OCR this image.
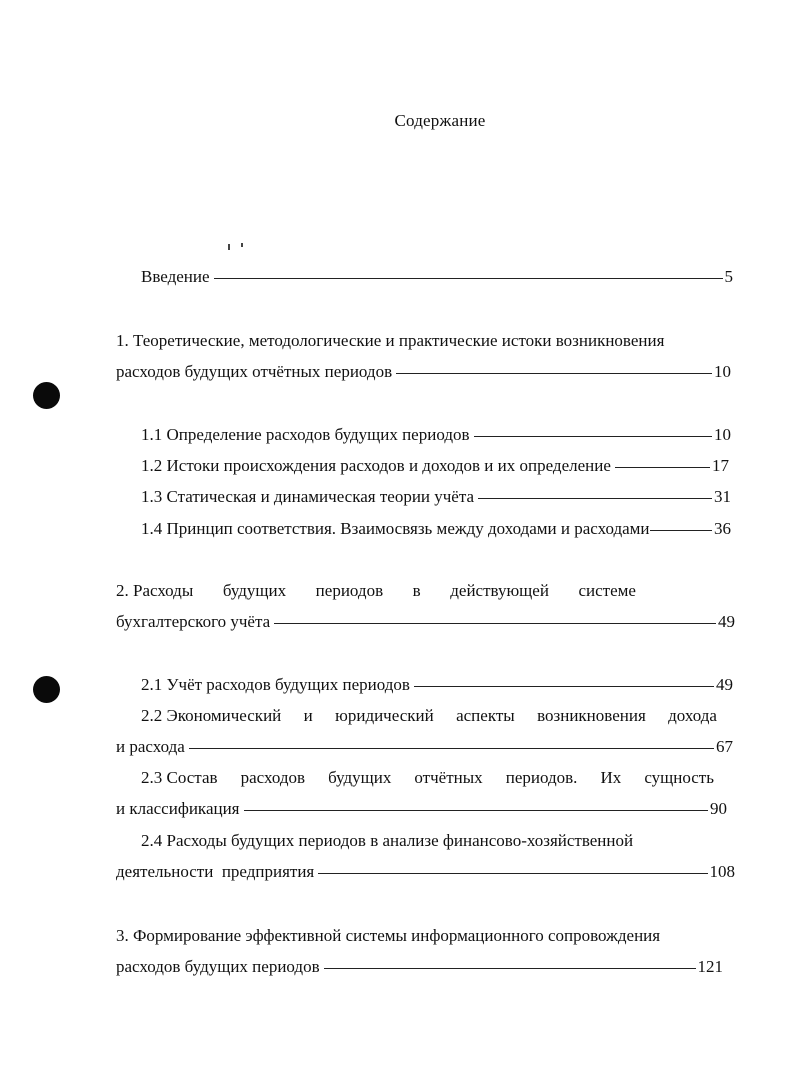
Содержание
Введение	5
1. Теоретические, методологические и практические истоки возникновения
расходов будущих отчётных периодов	10
1.1 Определение расходов будущих периодов	10
1.2 Истоки происхождения расходов и доходов и их определение	17
1.3 Статическая и динамическая теории учёта	31
1.4 Принцип соответствия. Взаимосвязь между доходами и расходами	36
2. Расходы будущих периодов в действующей системе
бухгалтерского учёта	49
2.1 Учёт расходов будущих периодов	49
2.2 Экономический и юридический аспекты возникновения дохода
и расхода	67
2.3 Состав расходов будущих отчётных периодов. Их сущность
и классификация	90
2.4 Расходы будущих периодов в анализе финансово-хозяйственной
деятельности  предприятия	108
3. Формирование эффективной системы информационного сопровождения
расходов будущих периодов	121
